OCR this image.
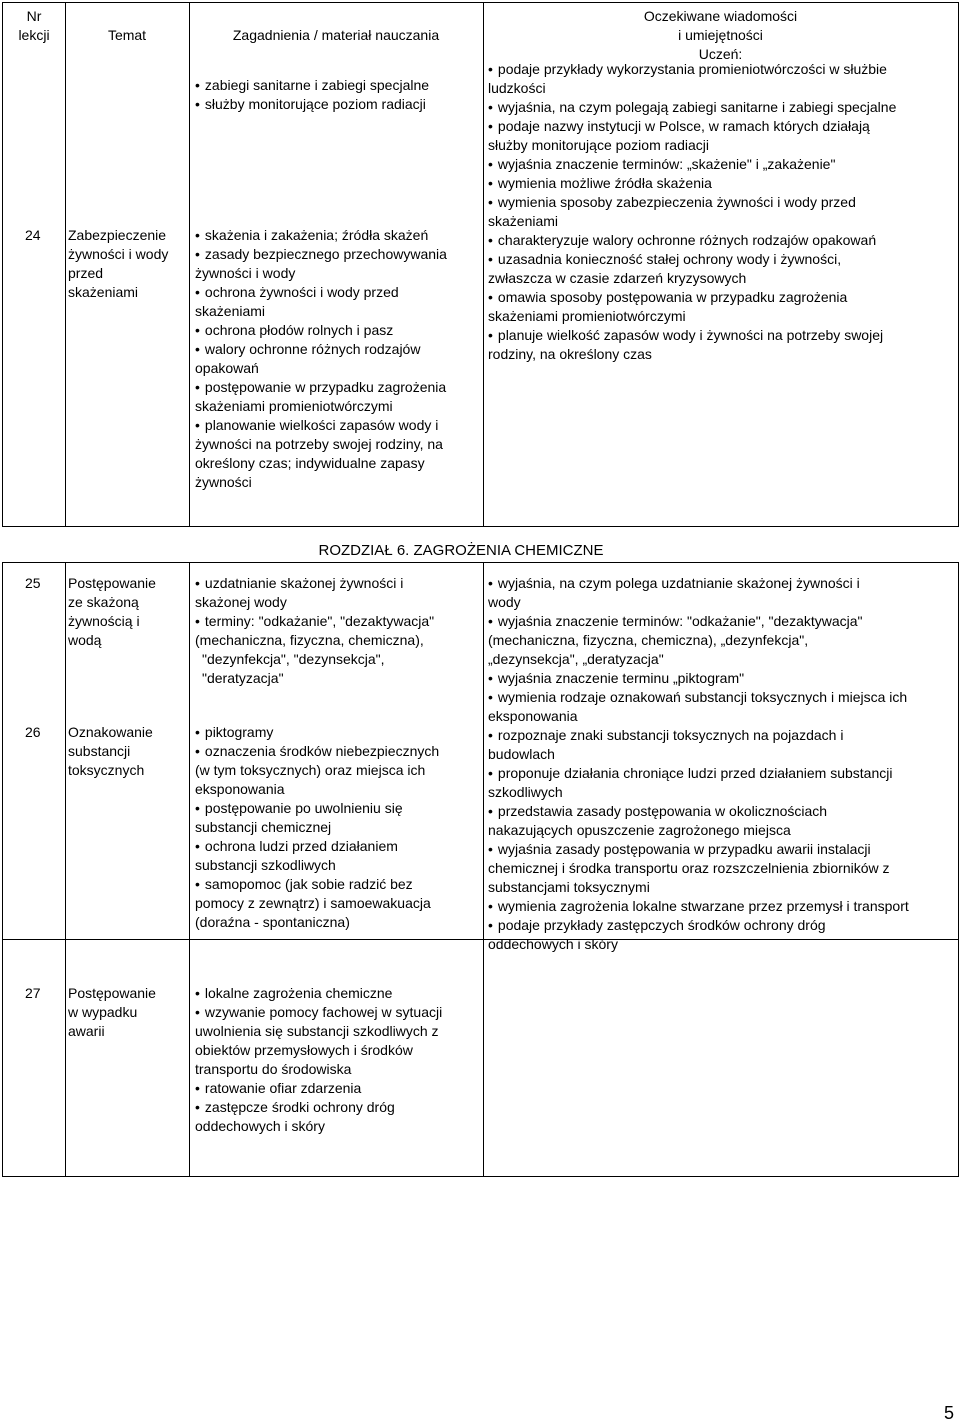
Nr
lekcji	Temat	Zagadnienia / materiał nauczania
Oczekiwane wiadomości
i umiejętności
Uczeń:
• zabiegi sanitarne i zabiegi specjalne
• służby monitorujące poziom radiacji
24 Zabezpieczenie
żywności i wody
przed
skażeniami
• skażenia i zakażenia; źródła skażeń
• zasady bezpiecznego przechowywania
żywności i wody
• ochrona żywności i wody przed
skażeniami
• ochrona płodów rolnych i pasz
• walory ochronne różnych rodzajów
opakowań
• postępowanie w przypadku zagrożenia
skażeniami promieniotwórczymi
• planowanie wielkości zapasów wody i
żywności na potrzeby swojej rodziny, na
określony czas; indywidualne zapasy
żywności
• podaje przykłady wykorzystania promieniotwórczości w służbie
ludzkości
• wyjaśnia, na czym polegają zabiegi sanitarne i zabiegi specjalne
• podaje nazwy instytucji w Polsce, w ramach których działają
służby monitorujące poziom radiacji
• wyjaśnia znaczenie terminów: „skażenie" i „zakażenie"
• wymienia możliwe źródła skażenia
• wymienia sposoby zabezpieczenia żywności i wody przed
skażeniami
• charakteryzuje walory ochronne różnych rodzajów opakowań
• uzasadnia konieczność stałej ochrony wody i żywności,
zwłaszcza w czasie zdarzeń kryzysowych
• omawia sposoby postępowania w przypadku zagrożenia
skażeniami promieniotwórczymi
• planuje wielkość zapasów wody i żywności na potrzeby swojej
rodziny, na określony czas
ROZDZIAŁ 6. ZAGROŻENIA CHEMICZNE
25 Postępowanie
ze skażoną
żywnością i
wodą
• uzdatnianie skażonej żywności i
skażonej wody
• terminy: "odkażanie", "dezaktywacja"
(mechaniczna, fizyczna, chemiczna),
"dezynfekcja", "dezynsekcja",
"deratyzacja"
26 Oznakowanie
substancji
toksycznych
• piktogramy
• oznaczenia środków niebezpiecznych
(w tym toksycznych) oraz miejsca ich
eksponowania
• postępowanie po uwolnieniu się
substancji chemicznej
• ochrona ludzi przed działaniem
substancji szkodliwych
• samopomoc (jak sobie radzić bez
pomocy z zewnątrz) i samoewakuacja
(doraźna - spontaniczna)
• wyjaśnia, na czym polega uzdatnianie skażonej żywności i
wody
• wyjaśnia znaczenie terminów: "odkażanie", "dezaktywacja"
(mechaniczna, fizyczna, chemiczna), „dezynfekcja",
„dezynsekcja", „deratyzacja"
• wyjaśnia znaczenie terminu „piktogram"
• wymienia rodzaje oznakowań substancji toksycznych i miejsca ich
eksponowania
• rozpoznaje znaki substancji toksycznych na pojazdach i
budowlach
• proponuje działania chroniące ludzi przed działaniem substancji
szkodliwych
• przedstawia zasady postępowania w okolicznościach
nakazujących opuszczenie zagrożonego miejsca
• wyjaśnia zasady postępowania w przypadku awarii instalacji
chemicznej i środka transportu oraz rozszczelnienia zbiorników z
substancjami toksycznymi
• wymienia zagrożenia lokalne stwarzane przez przemysł i transport
• podaje przykłady zastępczych środków ochrony dróg
oddechowych i skóry
27 Postępowanie
w wypadku
awarii
• lokalne zagrożenia chemiczne
• wzywanie pomocy fachowej w sytuacji
uwolnienia się substancji szkodliwych z
obiektów przemysłowych i środków
transportu do środowiska
• ratowanie ofiar zdarzenia
• zastępcze środki ochrony dróg
oddechowych i skóry
5
